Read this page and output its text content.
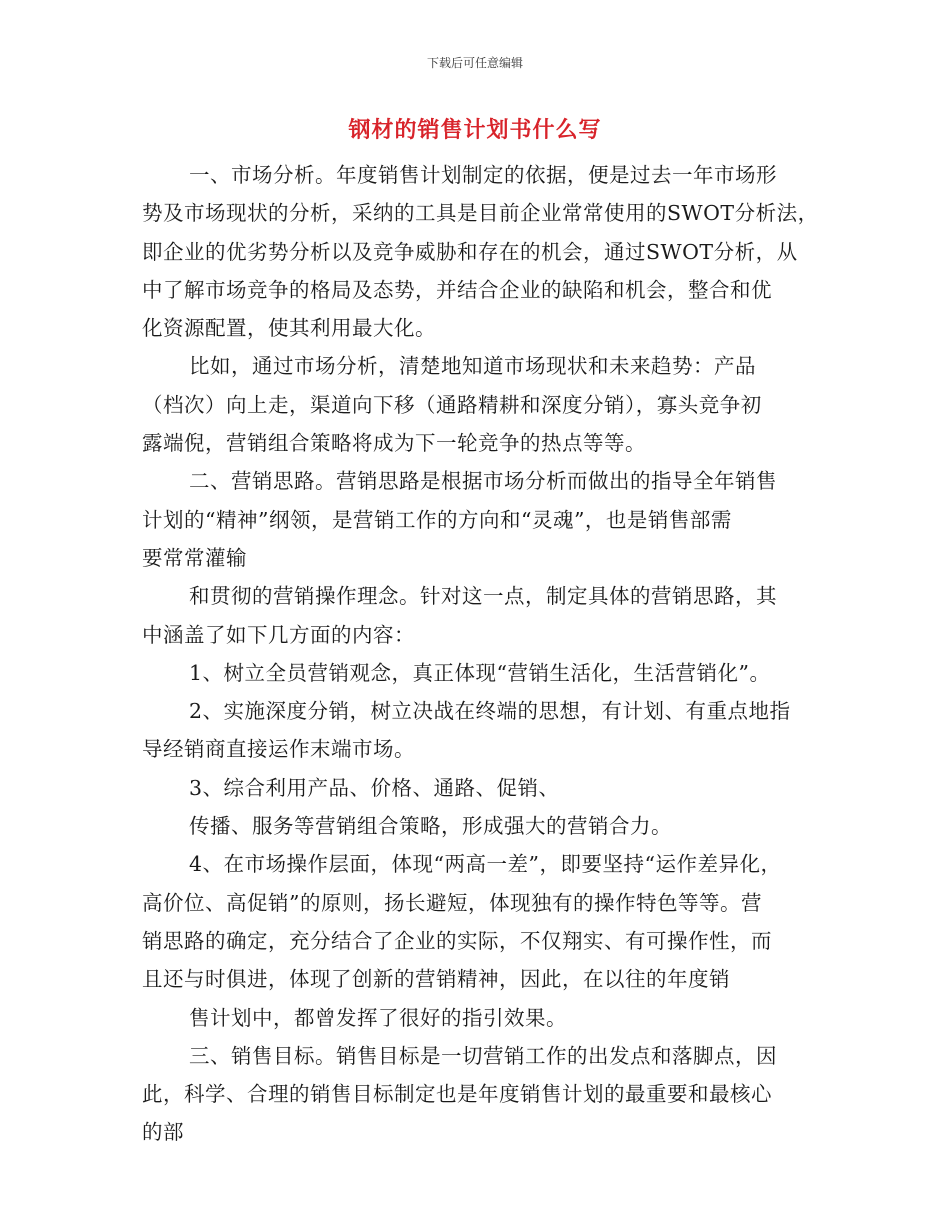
下载后可任意编辑
钢材的销售计划书什么写
一、市场分析。年度销售计划制定的依据，便是过去一年市场形
势及市场现状的分析，采纳的工具是目前企业常常使用的SWOT分析法，
即企业的优劣势分析以及竞争威胁和存在的机会，通过SWOT分析，从
中了解市场竞争的格局及态势，并结合企业的缺陷和机会，整合和优
化资源配置，使其利用最大化。
比如，通过市场分析，清楚地知道市场现状和未来趋势：产品
（档次）向上走，渠道向下移（通路精耕和深度分销），寡头竞争初
露端倪，营销组合策略将成为下一轮竞争的热点等等。
二、营销思路。营销思路是根据市场分析而做出的指导全年销售
计划的“精神”纲领，是营销工作的方向和“灵魂”，也是销售部需
要常常灌输
和贯彻的营销操作理念。针对这一点，制定具体的营销思路，其
中涵盖了如下几方面的内容：
1、树立全员营销观念，真正体现“营销生活化，生活营销化”。
2、实施深度分销，树立决战在终端的思想，有计划、有重点地指
导经销商直接运作末端市场。
3、综合利用产品、价格、通路、促销、
传播、服务等营销组合策略，形成强大的营销合力。
4、在市场操作层面，体现“两高一差”，即要坚持“运作差异化，
高价位、高促销”的原则，扬长避短，体现独有的操作特色等等。营
销思路的确定，充分结合了企业的实际，不仅翔实、有可操作性，而
且还与时俱进，体现了创新的营销精神，因此，在以往的年度销
售计划中，都曾发挥了很好的指引效果。
三、销售目标。销售目标是一切营销工作的出发点和落脚点，因
此，科学、合理的销售目标制定也是年度销售计划的最重要和最核心
的部
